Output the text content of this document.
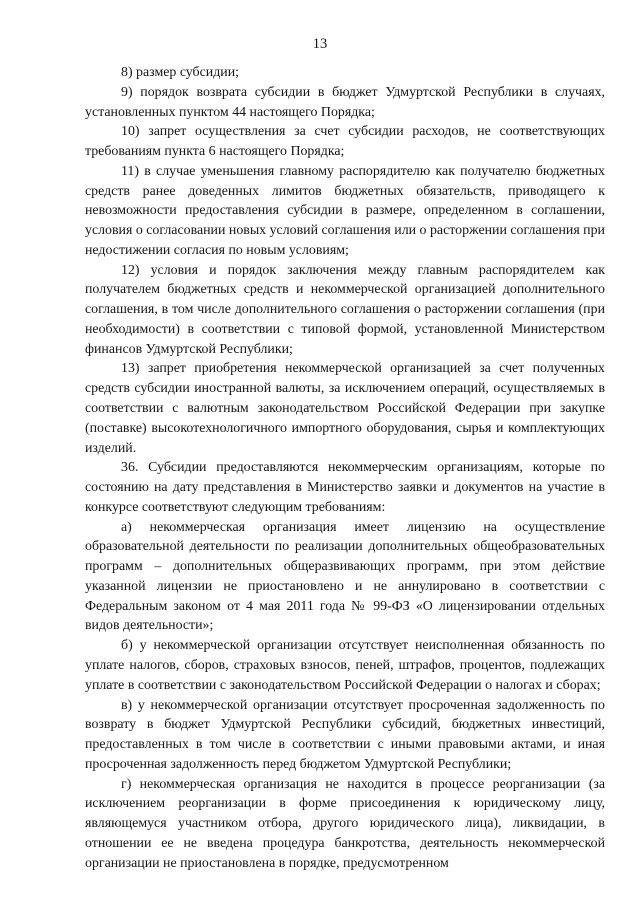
13

8) размер субсидии;

9) порядок возврата субсидии в бюджет Удмуртской Республики в случаях, установленных пунктом 44 настоящего Порядка;

10) запрет осуществления за счет субсидии расходов, не соответствующих требованиям пункта 6 настоящего Порядка;

11) в случае уменьшения главному распорядителю как получателю бюджетных средств ранее доведенных лимитов бюджетных обязательств, приводящего к невозможности предоставления субсидии в размере, определенном в соглашении, условия о согласовании новых условий соглашения или о расторжении соглашения при недостижении согласия по новым условиям;

12) условия и порядок заключения между главным распорядителем как получателем бюджетных средств и некоммерческой организацией дополнительного соглашения, в том числе дополнительного соглашения о расторжении соглашения (при необходимости) в соответствии с типовой формой, установленной Министерством финансов Удмуртской Республики;

13) запрет приобретения некоммерческой организацией за счет полученных средств субсидии иностранной валюты, за исключением операций, осуществляемых в соответствии с валютным законодательством Российской Федерации при закупке (поставке) высокотехнологичного импортного оборудования, сырья и комплектующих изделий.

36. Субсидии предоставляются некоммерческим организациям, которые по состоянию на дату представления в Министерство заявки и документов на участие в конкурсе соответствуют следующим требованиям:

а) некоммерческая организация имеет лицензию на осуществление образовательной деятельности по реализации дополнительных общеобразовательных программ – дополнительных общеразвивающих программ, при этом действие указанной лицензии не приостановлено и не аннулировано в соответствии с Федеральным законом от 4 мая 2011 года № 99-ФЗ «О лицензировании отдельных видов деятельности»;

б) у некоммерческой организации отсутствует неисполненная обязанность по уплате налогов, сборов, страховых взносов, пеней, штрафов, процентов, подлежащих уплате в соответствии с законодательством Российской Федерации о налогах и сборах;

в) у некоммерческой организации отсутствует просроченная задолженность по возврату в бюджет Удмуртской Республики субсидий, бюджетных инвестиций, предоставленных в том числе в соответствии с иными правовыми актами, и иная просроченная задолженность перед бюджетом Удмуртской Республики;

г) некоммерческая организация не находится в процессе реорганизации (за исключением реорганизации в форме присоединения к юридическому лицу, являющемуся участником отбора, другого юридического лица), ликвидации, в отношении ее не введена процедура банкротства, деятельность некоммерческой организации не приостановлена в порядке, предусмотренном
